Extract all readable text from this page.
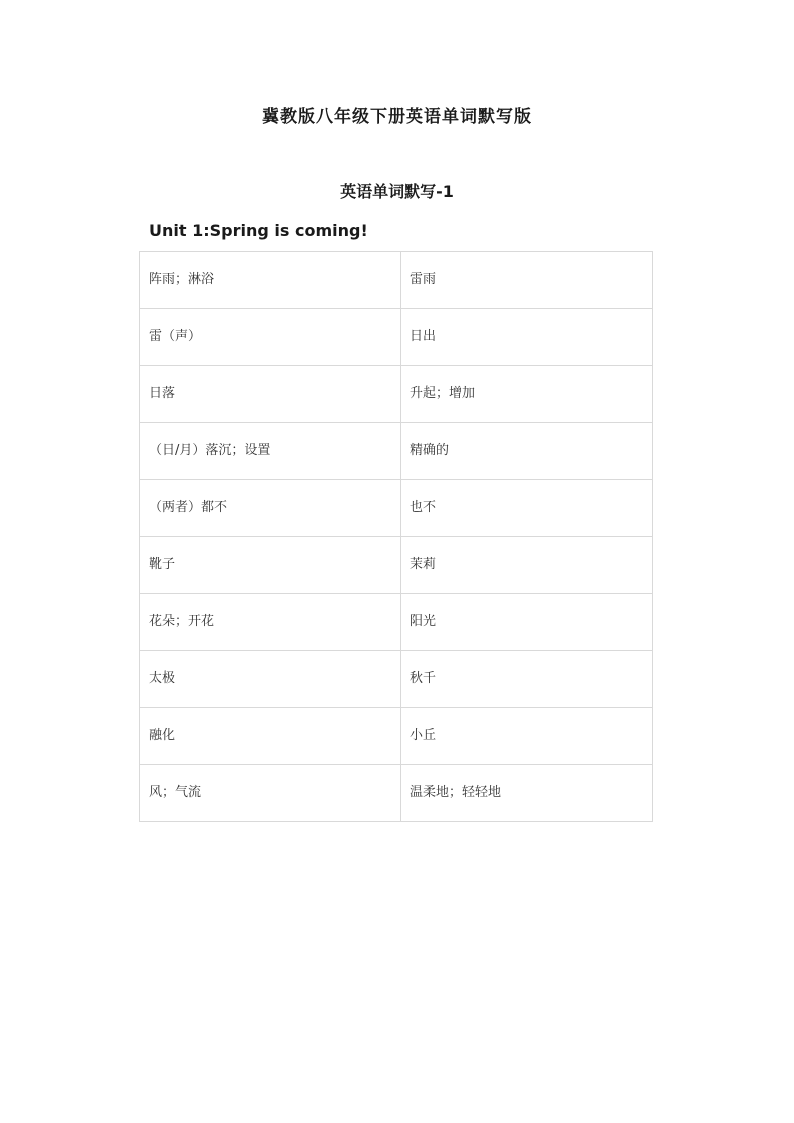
冀教版八年级下册英语单词默写版
英语单词默写-1
Unit 1:Spring is coming!
阵雨；淋浴	雷雨
雷（声）	日出
日落	升起；增加
（日/月）落沉；设置	精确的
（两者）都不	也不
靴子	茉莉
花朵；开花	阳光
太极	秋千
融化	小丘
风；气流	温柔地；轻轻地
